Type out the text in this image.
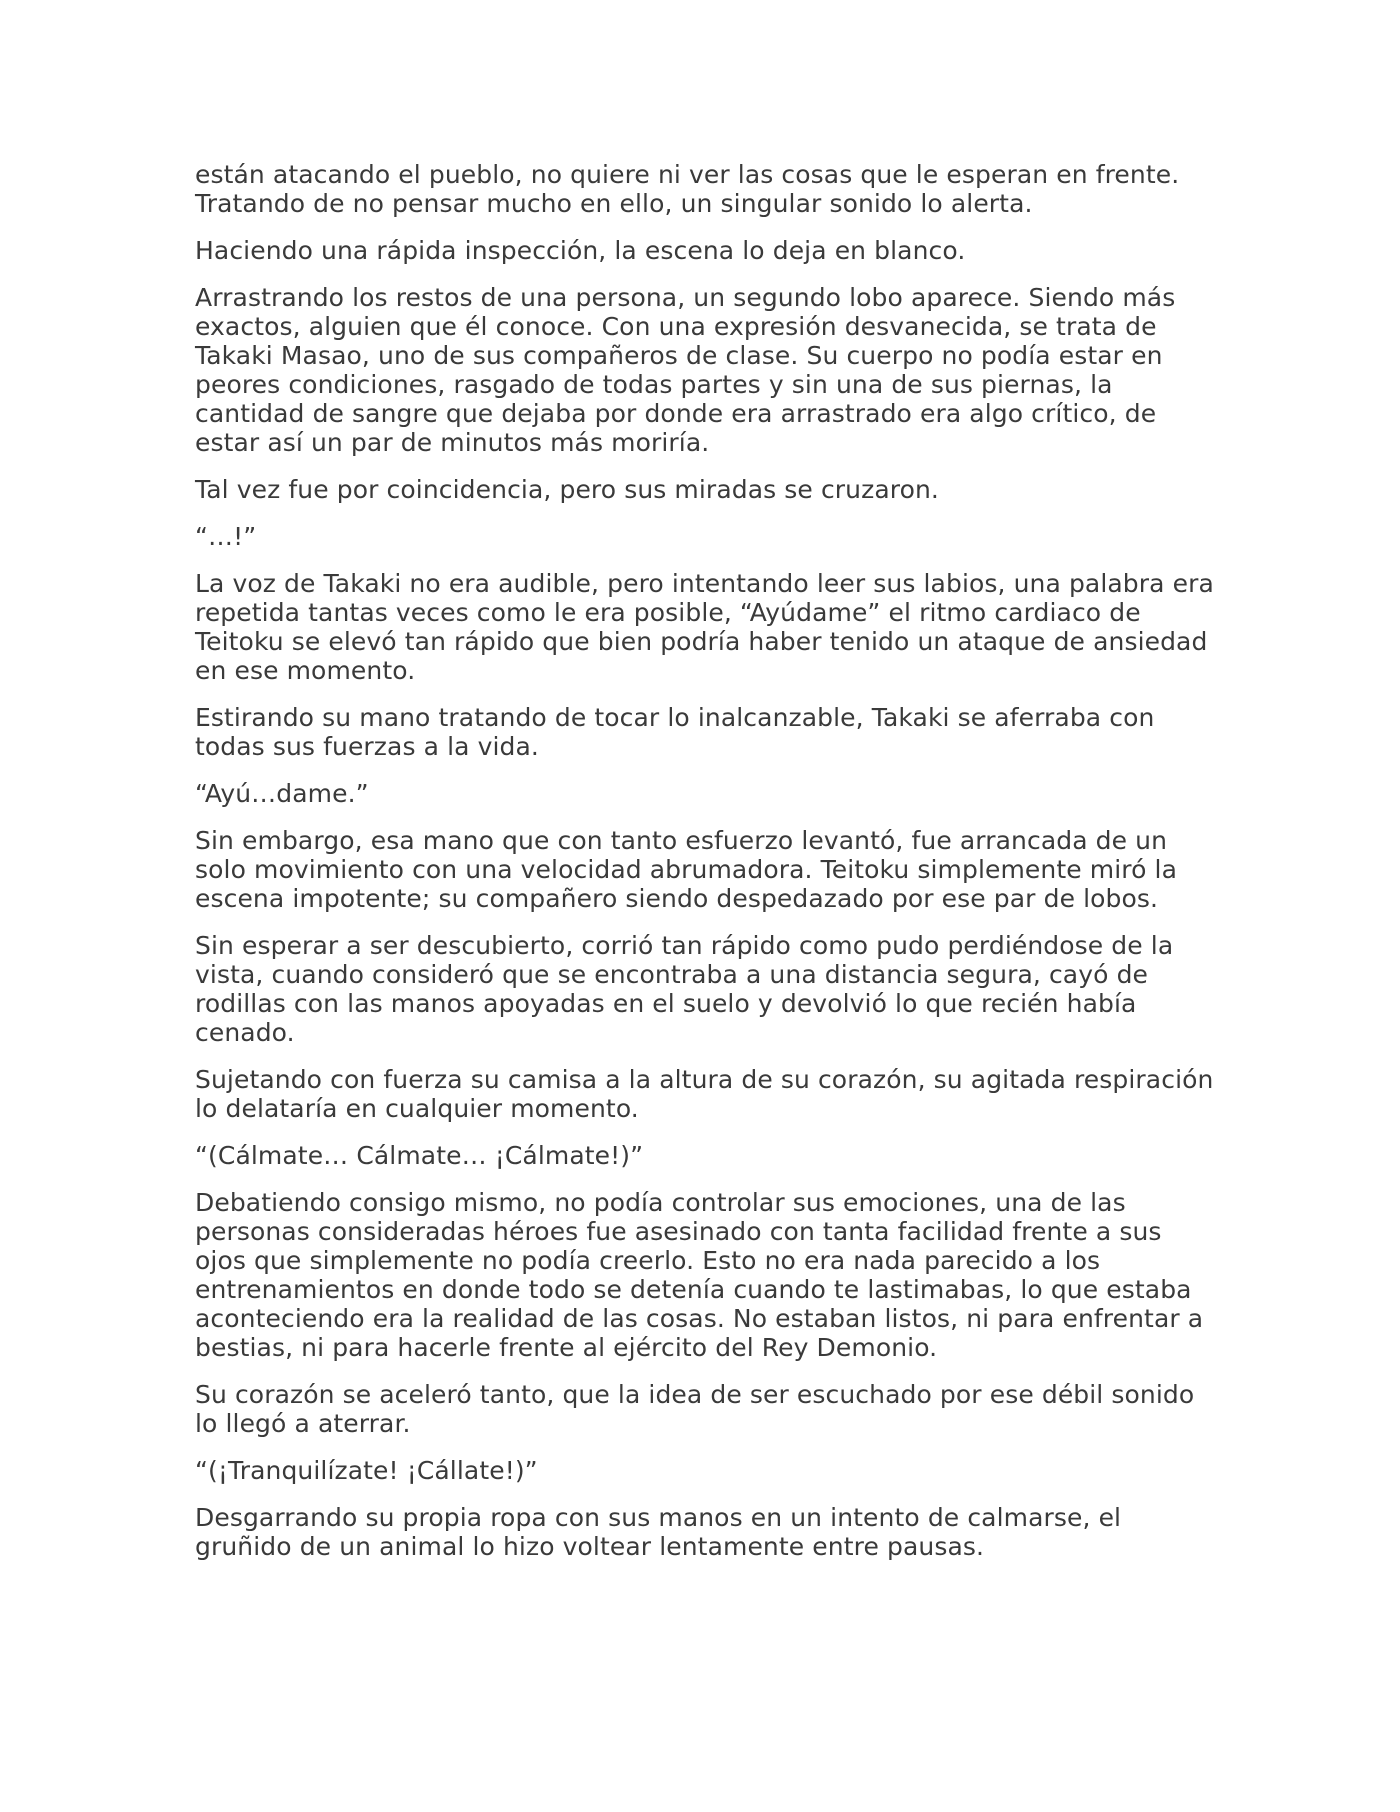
están atacando el pueblo, no quiere ni ver las cosas que le esperan en frente. Tratando de no pensar mucho en ello, un singular sonido lo alerta.

Haciendo una rápida inspección, la escena lo deja en blanco.

Arrastrando los restos de una persona, un segundo lobo aparece. Siendo más exactos, alguien que él conoce. Con una expresión desvanecida, se trata de Takaki Masao, uno de sus compañeros de clase. Su cuerpo no podía estar en peores condiciones, rasgado de todas partes y sin una de sus piernas, la cantidad de sangre que dejaba por donde era arrastrado era algo crítico, de estar así un par de minutos más moriría.

Tal vez fue por coincidencia, pero sus miradas se cruzaron.

“…!”

La voz de Takaki no era audible, pero intentando leer sus labios, una palabra era repetida tantas veces como le era posible, “Ayúdame” el ritmo cardiaco de Teitoku se elevó tan rápido que bien podría haber tenido un ataque de ansiedad en ese momento.

Estirando su mano tratando de tocar lo inalcanzable, Takaki se aferraba con todas sus fuerzas a la vida.

“Ayú…dame.”

Sin embargo, esa mano que con tanto esfuerzo levantó, fue arrancada de un solo movimiento con una velocidad abrumadora. Teitoku simplemente miró la escena impotente; su compañero siendo despedazado por ese par de lobos.

Sin esperar a ser descubierto, corrió tan rápido como pudo perdiéndose de la vista, cuando consideró que se encontraba a una distancia segura, cayó de rodillas con las manos apoyadas en el suelo y devolvió lo que recién había cenado.

Sujetando con fuerza su camisa a la altura de su corazón, su agitada respiración lo delataría en cualquier momento.

“(Cálmate… Cálmate… ¡Cálmate!)”

Debatiendo consigo mismo, no podía controlar sus emociones, una de las personas consideradas héroes fue asesinado con tanta facilidad frente a sus ojos que simplemente no podía creerlo. Esto no era nada parecido a los entrenamientos en donde todo se detenía cuando te lastimabas, lo que estaba aconteciendo era la realidad de las cosas. No estaban listos, ni para enfrentar a bestias, ni para hacerle frente al ejército del Rey Demonio.

Su corazón se aceleró tanto, que la idea de ser escuchado por ese débil sonido lo llegó a aterrar.

“(¡Tranquilízate! ¡Cállate!)”

Desgarrando su propia ropa con sus manos en un intento de calmarse, el gruñido de un animal lo hizo voltear lentamente entre pausas.
